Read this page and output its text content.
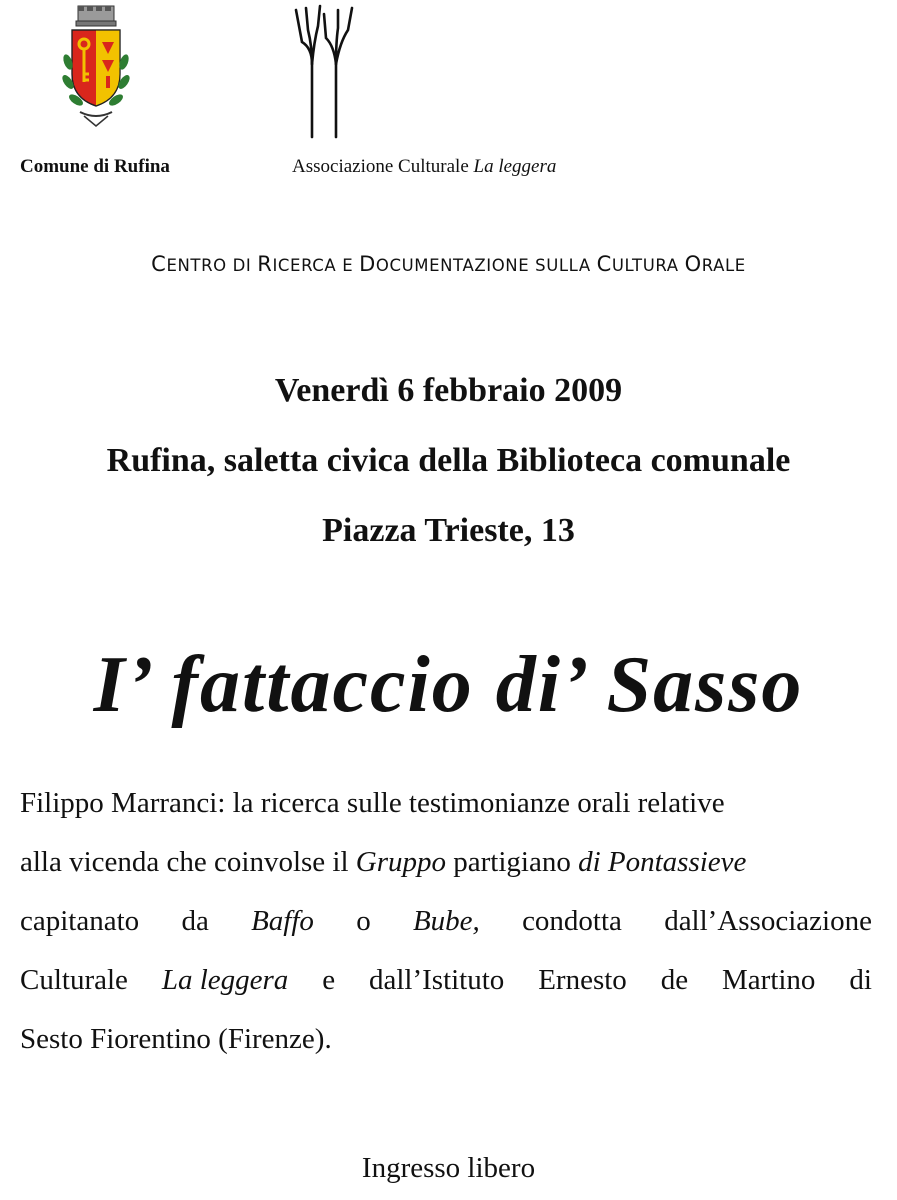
Comune di Rufina	Associazione Culturale La leggera
CENTRO DI RICERCA E DOCUMENTAZIONE SULLA CULTURA ORALE
Venerdì 6 febbraio 2009
Rufina, saletta civica della Biblioteca comunale
Piazza Trieste, 13
I’ fattaccio di’ Sasso
Filippo Marranci: la ricerca sulle testimonianze orali relative
alla vicenda che coinvolse il Gruppo partigiano di Pontassieve
capitanato da Baffo o Bube, condotta dall’Associazione
Culturale La leggera e dall’Istituto Ernesto de Martino di
Sesto Fiorentino (Firenze).
Ingresso libero
